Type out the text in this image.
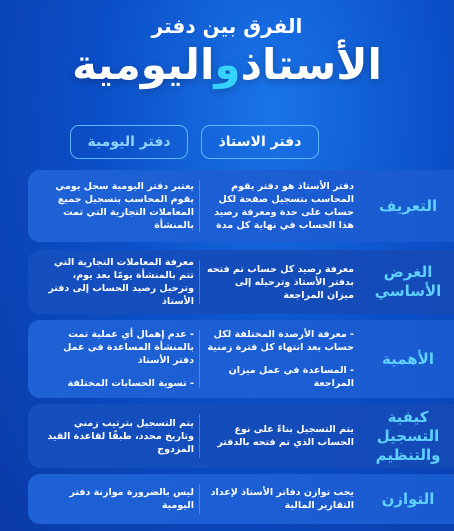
الفرق بين دفتر
الأستاذواليومية
دفتر الاستاذ
دفتر اليومية
التعريف

دفتر الأستاذ هو دفتر يقوم المحاسب بتسجيل صفحة لكل حساب على حدة ومعرفة رصيد هذا الحساب في نهاية كل مدة

يعتبر دفتر اليومية سجل يومي يقوم المحاسب بتسجيل جميع المعاملات التجارية التي تمت بالمنشأة

الغرض الأساسي

معرفة رصيد كل حساب تم فتحه بدفتر الأستاذ وترحيله إلى ميزان المراجعة

معرفة المعاملات التجارية التي تتم بالمنشأة يومًا بعد يوم، وترحيل رصيد الحساب إلى دفتر الأستاذ

الأهمية

- معرفة الأرصدة المختلفة لكل حساب بعد انتهاء كل فترة زمنية

- المساعدة في عمل ميزان المراجعة

- عدم إهمال أي عملية تمت بالمنشأة المساعدة في عمل دفتر الأستاذ

- تسوية الحسابات المختلفة

كيفية التسجيل والتنظيم

يتم التسجيل بناءً على نوع الحساب الذي تم فتحه بالدفتر

يتم التسجيل بترتيب زمني وتاريخ محدد، طبقًا لقاعدة القيد المزدوج

التوازن

يجب توازن دفاتر الأستاذ لإعداد التقارير المالية

ليس بالضرورة موازنة دفتر اليومية
